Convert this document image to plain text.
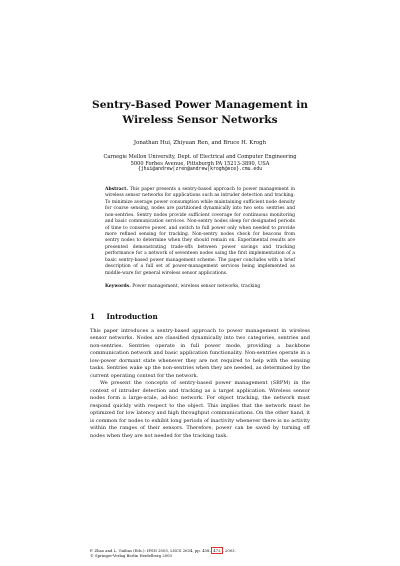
Sentry-Based Power Management in Wireless Sensor Networks
Jonathan Hui, Zhiyuan Ren, and Bruce H. Krogh
Carnegie Mellon University, Dept. of Electrical and Computer Engineering
5000 Forbes Avenue, Pittsburgh PA 15213-3890, USA
{jhui@andrew|zren@andrew|krogh@ece}.cmu.edu
Abstract. This paper presents a sentry-based approach to power management in wireless sensor networks for applications such as intruder detection and tracking. To minimize average power consumption while maintaining sufficient node density for coarse sensing, nodes are partitioned dynamically into two sets: sentries and non-sentries. Sentry nodes provide sufficient coverage for continuous monitoring and basic communication services. Non-sentry nodes sleep for designated periods of time to conserve power, and switch to full power only when needed to provide more refined sensing for tracking. Non-sentry nodes check for beacons from sentry nodes to determine when they should remain on. Experimental results are presented demonstrating trade-offs between power savings and tracking performance for a network of seventeen nodes using the first implementation of a basic sentry-based power management scheme. The paper concludes with a brief description of a full set of power-management services being implemented as middle-ware for general wireless sensor applications.
Keywords. Power management, wireless sensor networks, tracking
1 Introduction

This paper introduces a sentry-based approach to power management in wireless sensor networks. Nodes are classified dynamically into two categories, sentries and non-sentries. Sentries operate in full power mode, providing a backbone communication network and basic application functionality. Non-sentries operate in a low-power dormant state whenever they are not required to help with the sensing tasks. Sentries wake up the non-sentries when they are needed, as determined by the current operating context for the network.

We present the concepts of sentry-based power management (SBPM) in the context of intruder detection and tracking as a target application. Wireless sensor nodes form a large-scale, ad-hoc network. For object tracking, the network must respond quickly with respect to the object. This implies that the network must be optimized for low latency and high throughput communications. On the other hand, it is common for nodes to exhibit long periods of inactivity whenever there is no activity within the ranges of their sensors. Therefore, power can be saved by turning off nodes when they are not needed for the tracking task.

F. Zhao and L. Guibas (Eds.): IPSN 2003, LNCS 2634, pp. 458– 472 , 2003.
© Springer-Verlag Berlin Heidelberg 2003
